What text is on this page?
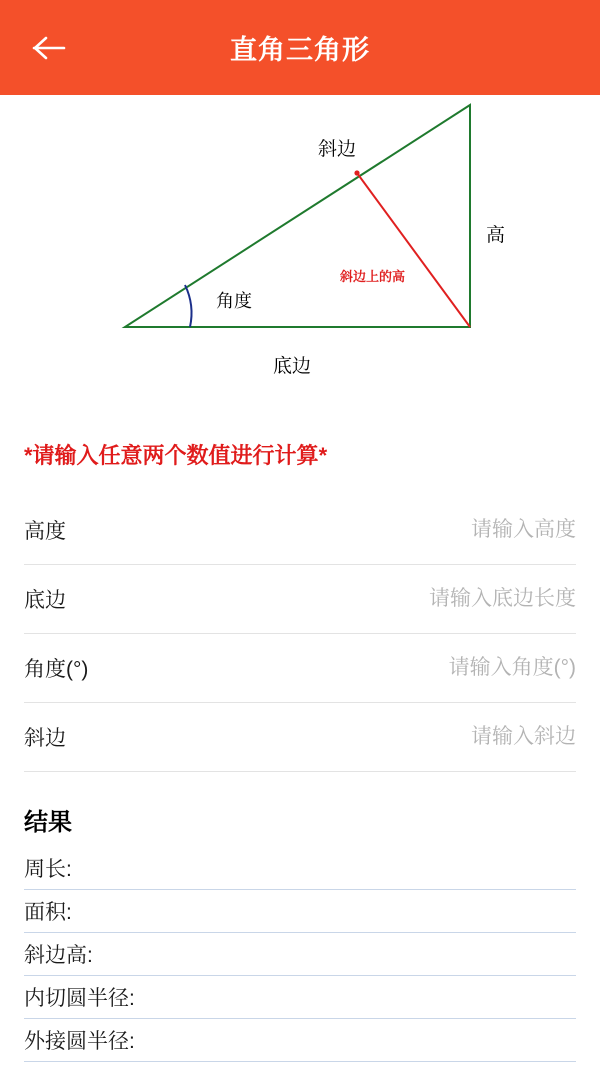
直角三角形
斜边
高
斜边上的高
角度
底边
*请输入任意两个数值进行计算*
高度
请输入高度
底边
请输入底边长度
角度(°)
请输入角度(°)
斜边
请输入斜边
结果
周长:
面积:
斜边高:
内切圆半径:
外接圆半径:
